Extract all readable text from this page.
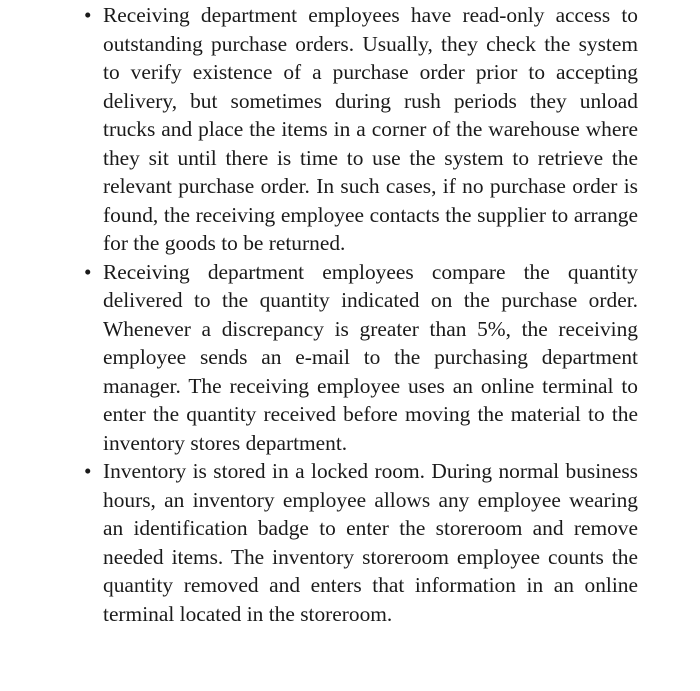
• Receiving department employees have read-only access to outstanding purchase orders. Usually, they check the system to verify existence of a purchase order prior to accepting delivery, but sometimes during rush periods they unload trucks and place the items in a corner of the warehouse where they sit until there is time to use the system to retrieve the relevant purchase order. In such cases, if no purchase order is found, the receiving employee contacts the supplier to arrange for the goods to be returned.
• Receiving department employees compare the quantity delivered to the quantity indicated on the purchase order. Whenever a discrepancy is greater than 5%, the receiving employee sends an e-mail to the purchasing department manager. The receiving employee uses an online terminal to enter the quantity received before moving the material to the inventory stores department.
• Inventory is stored in a locked room. During normal business hours, an inventory employee allows any employee wearing an identification badge to enter the storeroom and remove needed items. The inventory storeroom employee counts the quantity removed and enters that information in an online terminal located in the storeroom.
